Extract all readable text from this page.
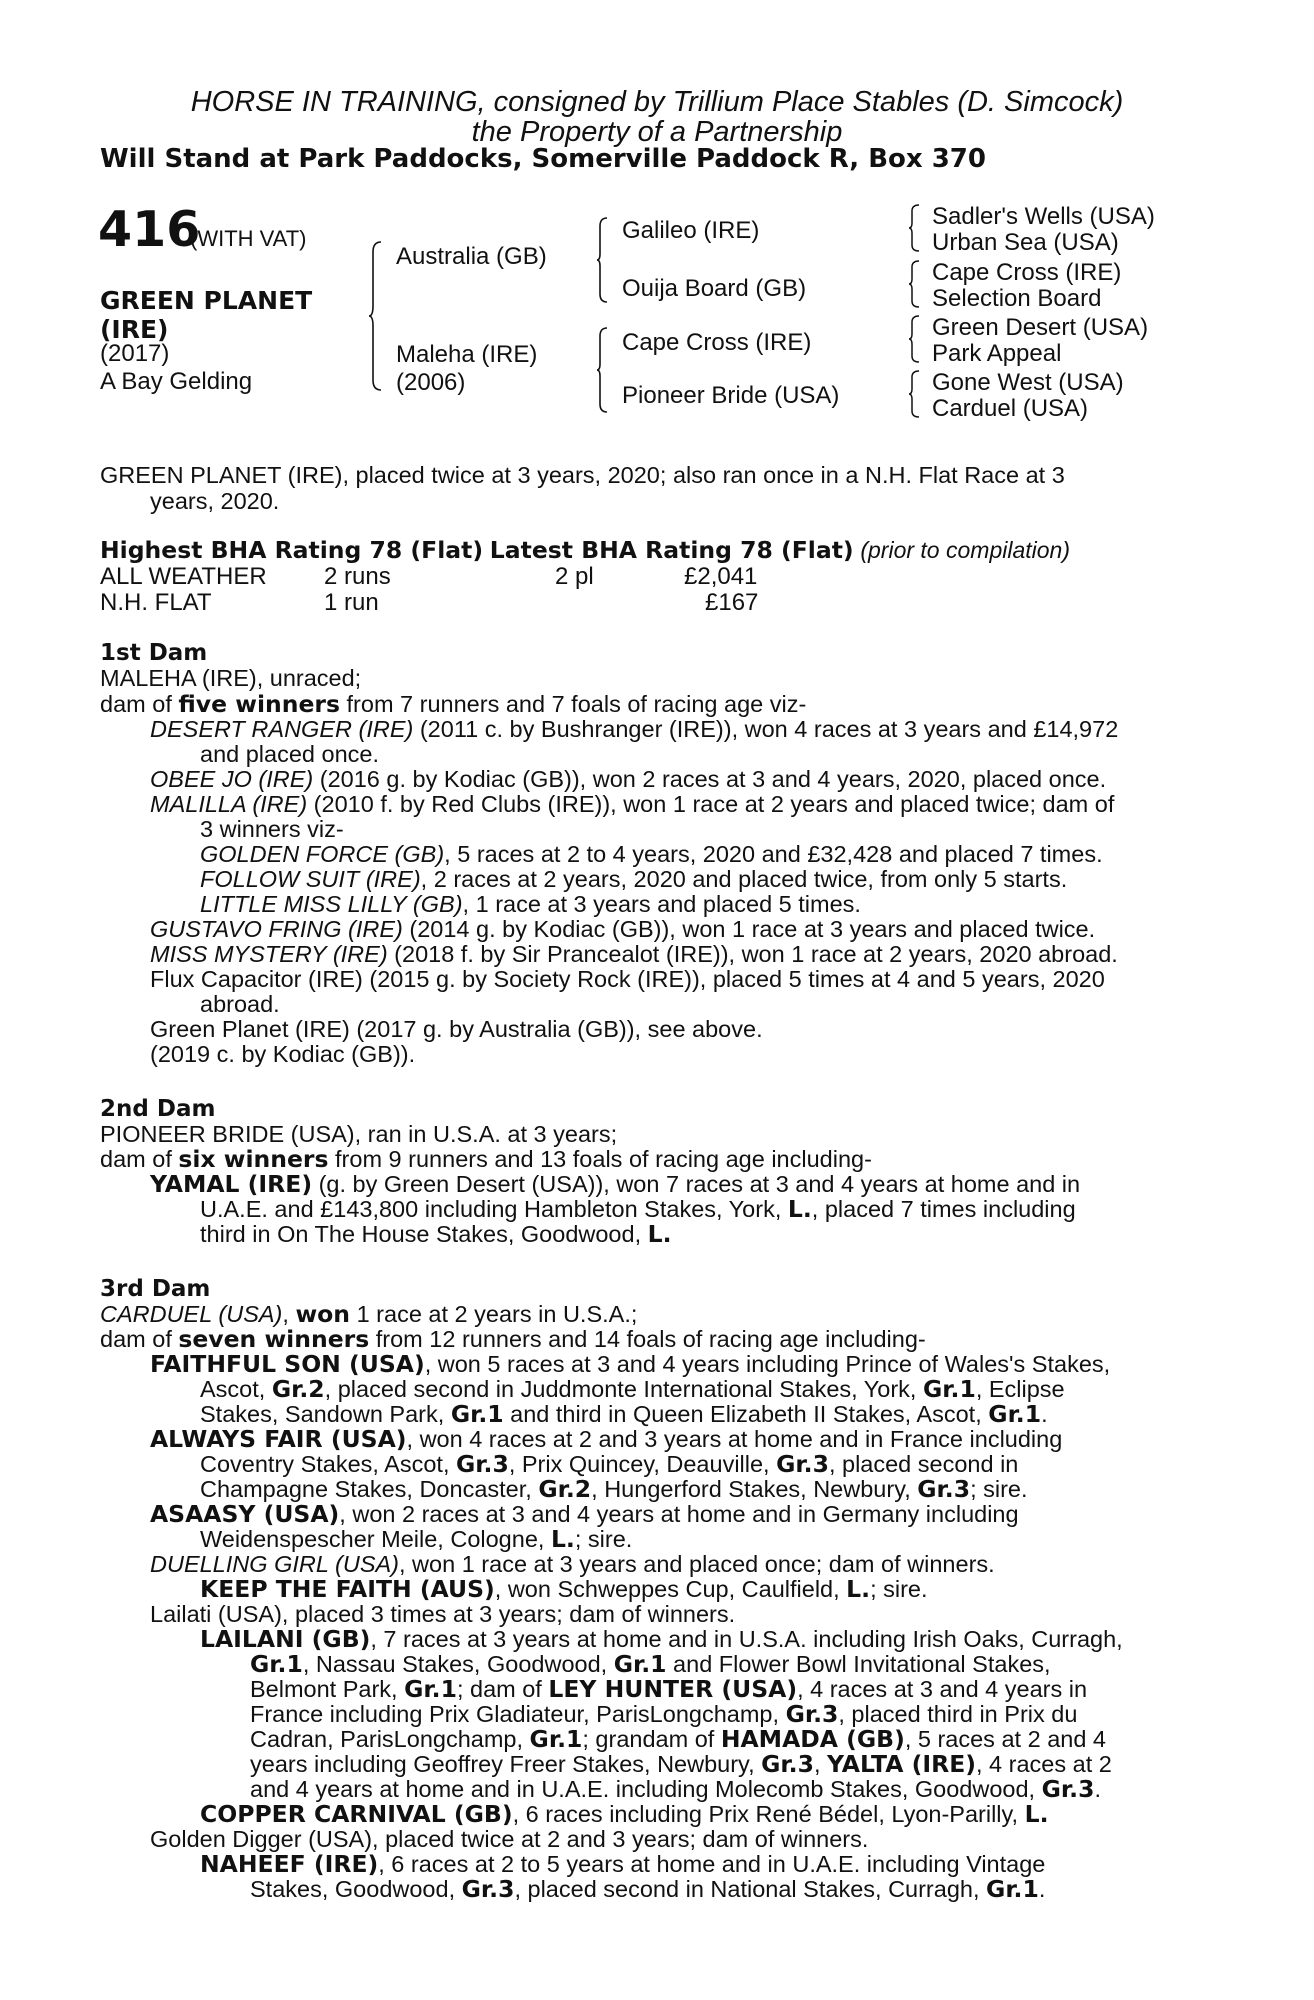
HORSE IN TRAINING, consigned by Trillium Place Stables (D. Simcock)
the Property of a Partnership
Will Stand at Park Paddocks, Somerville Paddock R, Box 370
416
(WITH VAT)
GREEN PLANET (IRE)
(2017)
A Bay Gelding
Australia (GB)
Maleha (IRE)
(2006)
Galileo (IRE)
Ouija Board (GB)
Cape Cross (IRE)
Pioneer Bride (USA)
Sadler's Wells (USA)
Urban Sea (USA)
Cape Cross (IRE)
Selection Board
Green Desert (USA)
Park Appeal
Gone West (USA)
Carduel (USA)
GREEN PLANET (IRE), placed twice at 3 years, 2020; also ran once in a N.H. Flat Race at 3
years, 2020.
Highest BHA Rating 78 (Flat) Latest BHA Rating 78 (Flat) (prior to compilation)
ALL WEATHER 2 runs	2 pl	£2,041
N.H. FLAT	1 run	£167
1st Dam
MALEHA (IRE), unraced;
dam of five winners from 7 runners and 7 foals of racing age viz-
DESERT RANGER (IRE) (2011 c. by Bushranger (IRE)), won 4 races at 3 years and £14,972
and placed once.
OBEE JO (IRE) (2016 g. by Kodiac (GB)), won 2 races at 3 and 4 years, 2020, placed once.
MALILLA (IRE) (2010 f. by Red Clubs (IRE)), won 1 race at 2 years and placed twice; dam of
3 winners viz-
GOLDEN FORCE (GB), 5 races at 2 to 4 years, 2020 and £32,428 and placed 7 times.
FOLLOW SUIT (IRE), 2 races at 2 years, 2020 and placed twice, from only 5 starts.
LITTLE MISS LILLY (GB), 1 race at 3 years and placed 5 times.
GUSTAVO FRING (IRE) (2014 g. by Kodiac (GB)), won 1 race at 3 years and placed twice.
MISS MYSTERY (IRE) (2018 f. by Sir Prancealot (IRE)), won 1 race at 2 years, 2020 abroad.
Flux Capacitor (IRE) (2015 g. by Society Rock (IRE)), placed 5 times at 4 and 5 years, 2020
abroad.
Green Planet (IRE) (2017 g. by Australia (GB)), see above.
(2019 c. by Kodiac (GB)).
2nd Dam
PIONEER BRIDE (USA), ran in U.S.A. at 3 years;
dam of six winners from 9 runners and 13 foals of racing age including-
YAMAL (IRE) (g. by Green Desert (USA)), won 7 races at 3 and 4 years at home and in
U.A.E. and £143,800 including Hambleton Stakes, York, L., placed 7 times including
third in On The House Stakes, Goodwood, L.
3rd Dam
CARDUEL (USA), won 1 race at 2 years in U.S.A.;
dam of seven winners from 12 runners and 14 foals of racing age including-
FAITHFUL SON (USA), won 5 races at 3 and 4 years including Prince of Wales's Stakes,
Ascot, Gr.2, placed second in Juddmonte International Stakes, York, Gr.1, Eclipse
Stakes, Sandown Park, Gr.1 and third in Queen Elizabeth II Stakes, Ascot, Gr.1.
ALWAYS FAIR (USA), won 4 races at 2 and 3 years at home and in France including
Coventry Stakes, Ascot, Gr.3, Prix Quincey, Deauville, Gr.3, placed second in
Champagne Stakes, Doncaster, Gr.2, Hungerford Stakes, Newbury, Gr.3; sire.
ASAASY (USA), won 2 races at 3 and 4 years at home and in Germany including
Weidenspescher Meile, Cologne, L.; sire.
DUELLING GIRL (USA), won 1 race at 3 years and placed once; dam of winners.
KEEP THE FAITH (AUS), won Schweppes Cup, Caulfield, L.; sire.
Lailati (USA), placed 3 times at 3 years; dam of winners.
LAILANI (GB), 7 races at 3 years at home and in U.S.A. including Irish Oaks, Curragh,
Gr.1, Nassau Stakes, Goodwood, Gr.1 and Flower Bowl Invitational Stakes,
Belmont Park, Gr.1; dam of LEY HUNTER (USA), 4 races at 3 and 4 years in
France including Prix Gladiateur, ParisLongchamp, Gr.3, placed third in Prix du
Cadran, ParisLongchamp, Gr.1; grandam of HAMADA (GB), 5 races at 2 and 4
years including Geoffrey Freer Stakes, Newbury, Gr.3, YALTA (IRE), 4 races at 2
and 4 years at home and in U.A.E. including Molecomb Stakes, Goodwood, Gr.3.
COPPER CARNIVAL (GB), 6 races including Prix René Bédel, Lyon-Parilly, L.
Golden Digger (USA), placed twice at 2 and 3 years; dam of winners.
NAHEEF (IRE), 6 races at 2 to 5 years at home and in U.A.E. including Vintage
Stakes, Goodwood, Gr.3, placed second in National Stakes, Curragh, Gr.1.
